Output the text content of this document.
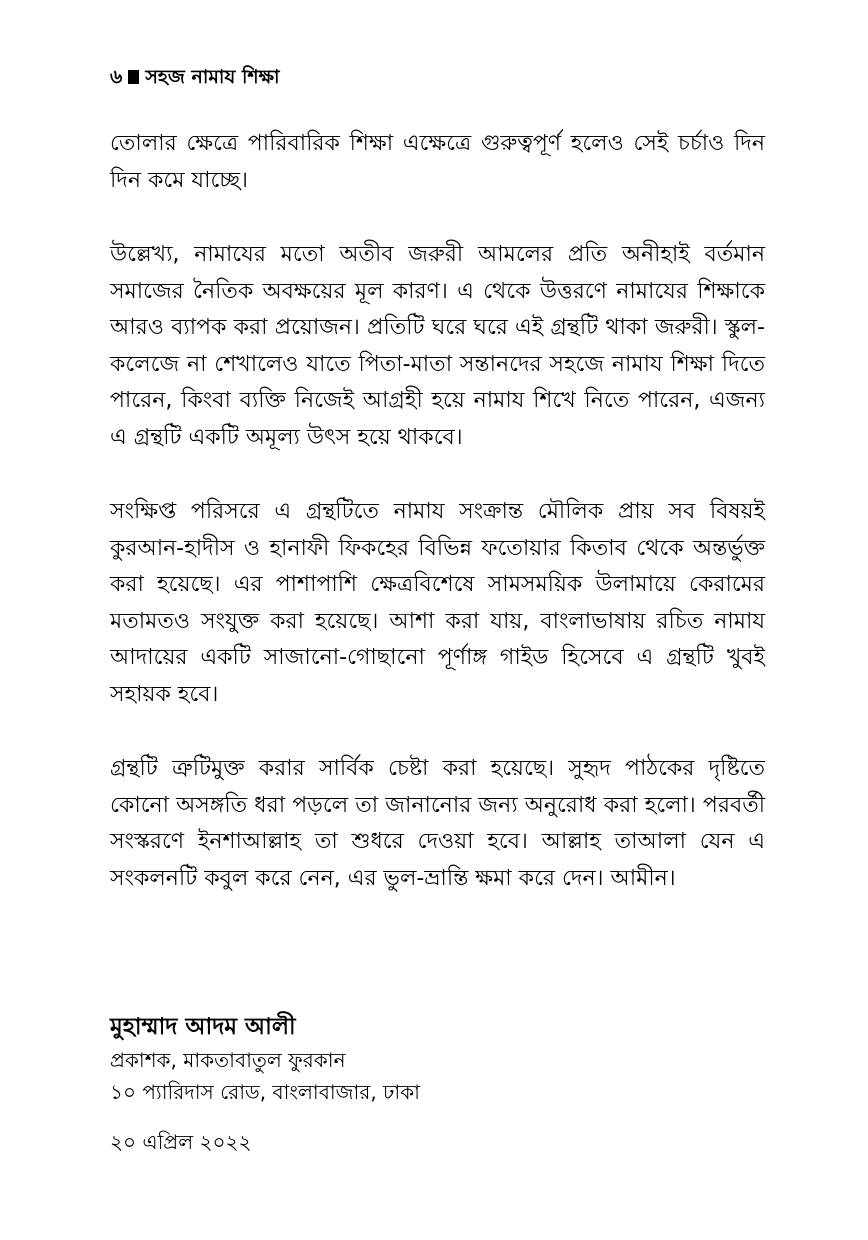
৬ সহজ নামায শিক্ষা

তোলার ক্ষেত্রে পারিবারিক শিক্ষা এক্ষেত্রে গুরুত্বপূর্ণ হলেও সেই চর্চাও দিন দিন কমে যাচ্ছে।

উল্লেখ্য, নামাযের মতো অতীব জরুরী আমলের প্রতি অনীহাই বর্তমান সমাজের নৈতিক অবক্ষয়ের মূল কারণ। এ থেকে উত্তরণে নামাযের শিক্ষাকে আরও ব্যাপক করা প্রয়োজন। প্রতিটি ঘরে ঘরে এই গ্রন্থটি থাকা জরুরী। স্কুল-কলেজে না শেখালেও যাতে পিতা-মাতা সন্তানদের সহজে নামায শিক্ষা দিতে পারেন, কিংবা ব্যক্তি নিজেই আগ্রহী হয়ে নামায শিখে নিতে পারেন, এজন্য এ গ্রন্থটি একটি অমূল্য উৎস হয়ে থাকবে।

সংক্ষিপ্ত পরিসরে এ গ্রন্থটিতে নামায সংক্রান্ত মৌলিক প্রায় সব বিষয়ই কুরআন-হাদীস ও হানাফী ফিকহের বিভিন্ন ফতোয়ার কিতাব থেকে অন্তর্ভুক্ত করা হয়েছে। এর পাশাপাশি ক্ষেত্রবিশেষে সামসময়িক উলামায়ে কেরামের মতামতও সংযুক্ত করা হয়েছে। আশা করা যায়, বাংলাভাষায় রচিত নামায আদায়ের একটি সাজানো-গোছানো পূর্ণাঙ্গ গাইড হিসেবে এ গ্রন্থটি খুবই সহায়ক হবে।

গ্রন্থটি ত্রুটিমুক্ত করার সার্বিক চেষ্টা করা হয়েছে। সুহৃদ পাঠকের দৃষ্টিতে কোনো অসঙ্গতি ধরা পড়লে তা জানানোর জন্য অনুরোধ করা হলো। পরবর্তী সংস্করণে ইনশাআল্লাহ তা শুধরে দেওয়া হবে। আল্লাহ তাআলা যেন এ সংকলনটি কবুল করে নেন, এর ভুল-ভ্রান্তি ক্ষমা করে দেন। আমীন।

মুহাম্মাদ আদম আলী
প্রকাশক, মাকতাবাতুল ফুরকান
১০ প্যারিদাস রোড, বাংলাবাজার, ঢাকা
২০ এপ্রিল ২০২২
